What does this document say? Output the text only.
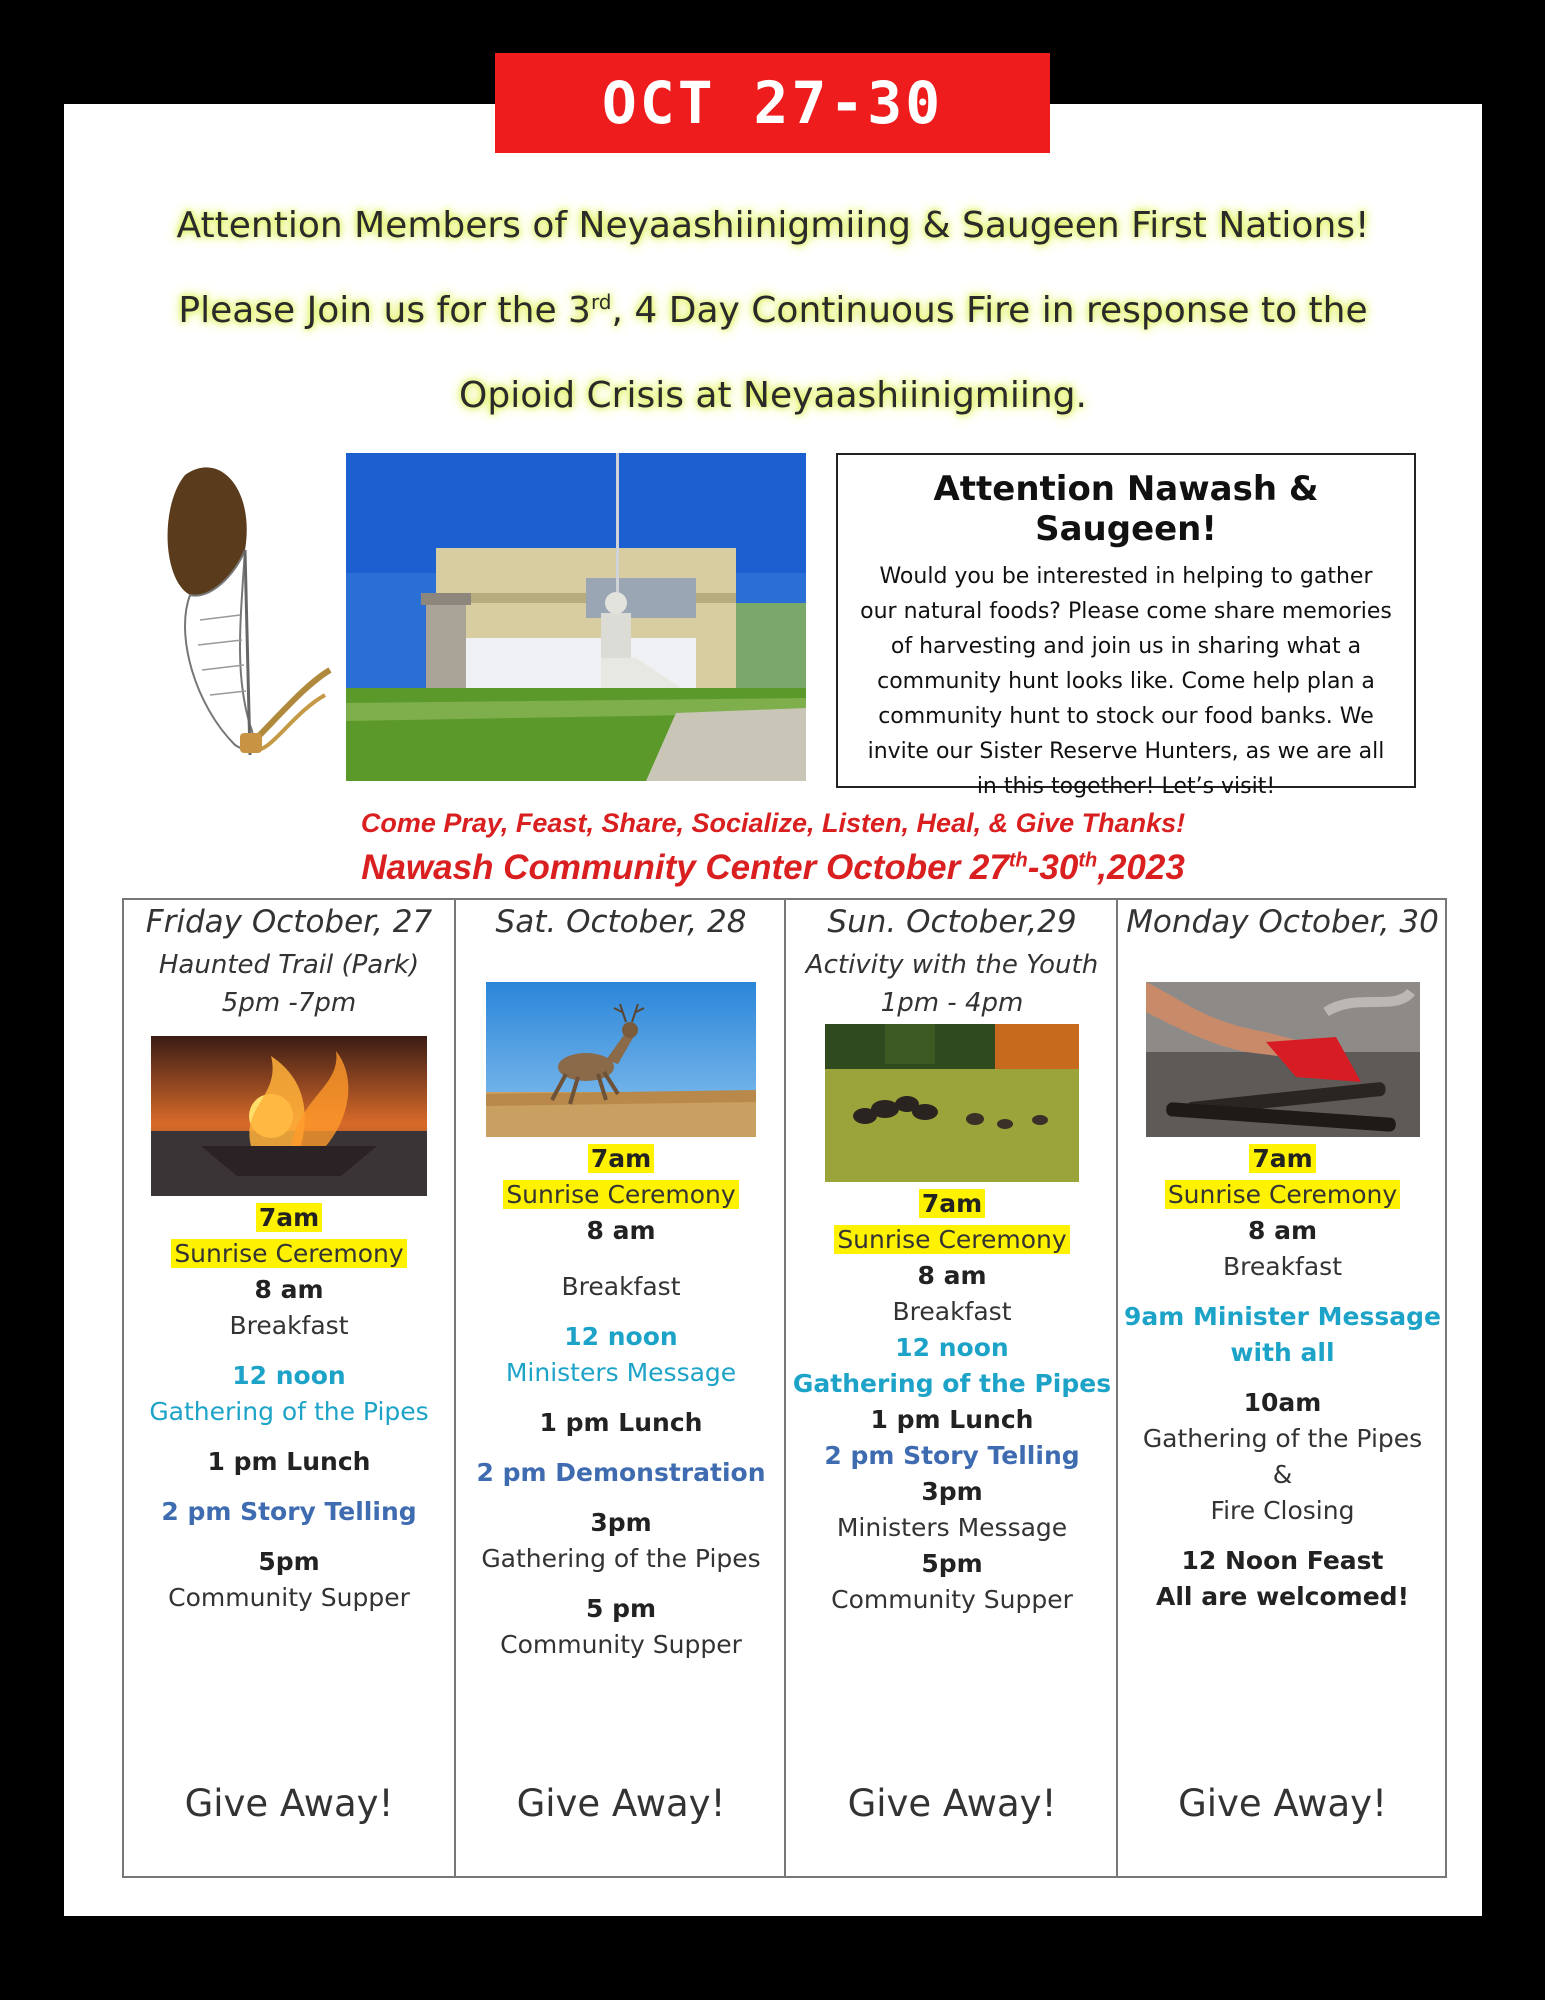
OCT 27-30
Attention Members of Neyaashiinigmiing & Saugeen First Nations!
Please Join us for the 3rd, 4 Day Continuous Fire in response to the
Opioid Crisis at Neyaashiinigmiing.
Attention Nawash & Saugeen!
Would you be interested in helping to gather our natural foods? Please come share memories of harvesting and join us in sharing what a community hunt looks like. Come help plan a community hunt to stock our food banks. We invite our Sister Reserve Hunters, as we are all in this together! Let’s visit!
Come Pray, Feast, Share, Socialize, Listen, Heal, & Give Thanks!
Nawash Community Center October 27th-30th,2023
Friday October, 27
Haunted Trail (Park)
5pm -7pm
7am
Sunrise Ceremony
8 am
Breakfast
12 noon
Gathering of the Pipes
1 pm Lunch
2 pm Story Telling
5pm
Community Supper
Give Away!
Sat. October, 28
7am
Sunrise Ceremony
8 am
Breakfast
12 noon
Ministers Message
1 pm Lunch
2 pm Demonstration
3pm
Gathering of the Pipes
5 pm
Community Supper
Give Away!
Sun. October,29
Activity with the Youth
1pm - 4pm
7am
Sunrise Ceremony
8 am
Breakfast
12 noon
Gathering of the Pipes
1 pm Lunch
2 pm Story Telling
3pm
Ministers Message
5pm
Community Supper
Give Away!
Monday October, 30
7am
Sunrise Ceremony
8 am
Breakfast
9am Minister Message
with all
10am
Gathering of the Pipes
&
Fire Closing
12 Noon Feast
All are welcomed!
Give Away!
